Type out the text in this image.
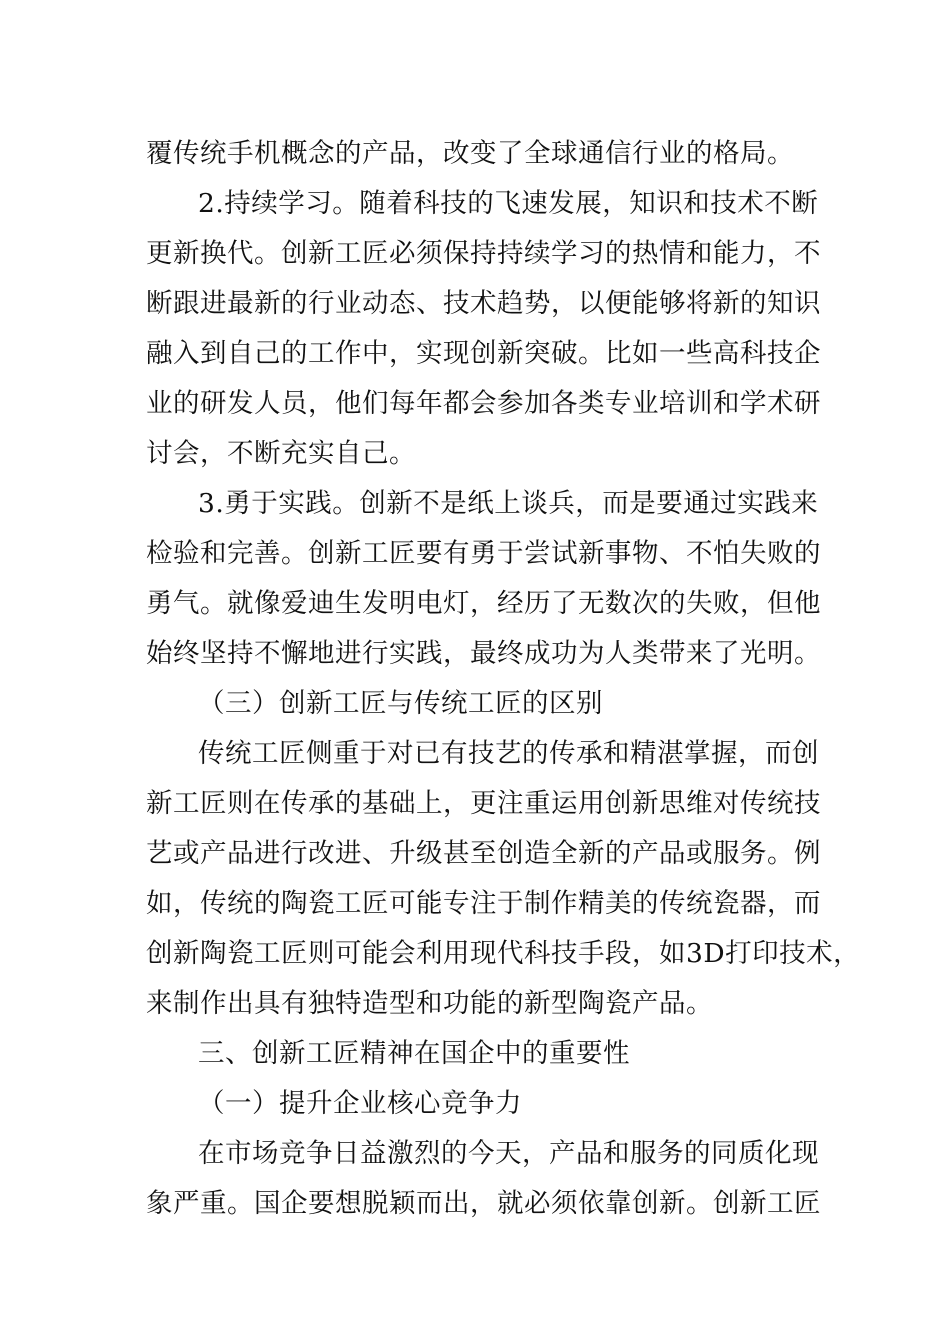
覆传统手机概念的产品，改变了全球通信行业的格局。
2.持续学习。随着科技的飞速发展，知识和技术不断
更新换代。创新工匠必须保持持续学习的热情和能力，不
断跟进最新的行业动态、技术趋势，以便能够将新的知识
融入到自己的工作中，实现创新突破。比如一些高科技企
业的研发人员，他们每年都会参加各类专业培训和学术研
讨会，不断充实自己。
3.勇于实践。创新不是纸上谈兵，而是要通过实践来
检验和完善。创新工匠要有勇于尝试新事物、不怕失败的
勇气。就像爱迪生发明电灯，经历了无数次的失败，但他
始终坚持不懈地进行实践，最终成功为人类带来了光明。
（三）创新工匠与传统工匠的区别
传统工匠侧重于对已有技艺的传承和精湛掌握，而创
新工匠则在传承的基础上，更注重运用创新思维对传统技
艺或产品进行改进、升级甚至创造全新的产品或服务。例
如，传统的陶瓷工匠可能专注于制作精美的传统瓷器，而
创新陶瓷工匠则可能会利用现代科技手段，如3D打印技术，
来制作出具有独特造型和功能的新型陶瓷产品。
三、创新工匠精神在国企中的重要性
（一）提升企业核心竞争力
在市场竞争日益激烈的今天，产品和服务的同质化现
象严重。国企要想脱颖而出，就必须依靠创新。创新工匠
